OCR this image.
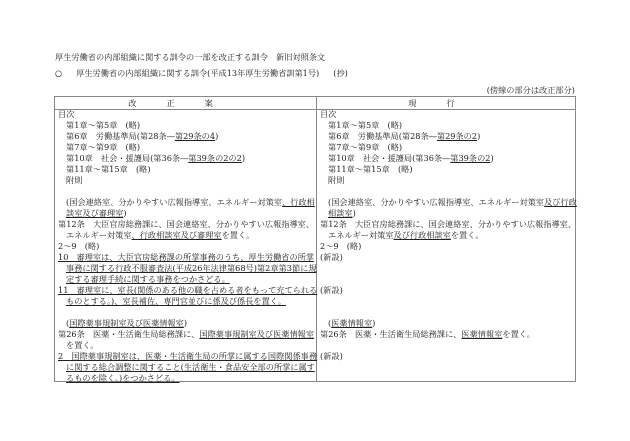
厚生労働省の内部組織に関する訓令の一部を改正する訓令　新旧対照条文
○ 厚生労働省の内部組織に関する訓令(平成13年厚生労働省訓第1号) (抄)
(傍線の部分は改正部分)
改正案	現行
目次
第1章～第5章　(略)
第6章　労働基準局(第28条―第29条の4)
第7章～第9章　(略)
第10章　社会・援護局(第36条―第39条の2の2)
第11章～第15章　(略)
附則
(国会連絡室、分かりやすい広報指導室、エネルギー対策室、行政相
談室及び審理室)
第12条　大臣官房総務課に、国会連絡室、分かりやすい広報指導室、
エネルギー対策室、行政相談室及び審理室を置く。
2～9　(略)
10　審理室は、大臣官房総務課の所掌事務のうち、厚生労働省の所掌
事務に関する行政不服審査法(平成26年法律第68号)第2章第3節に規
定する審理手続に関する事務をつかさどる。
11　審理室に、室長(関係のある他の職を占める者をもって充てられる
ものとする。)、室長補佐、専門官並びに係及び係長を置く。
(国際薬事規制室及び医薬情報室)
第26条　医薬・生活衛生局総務課に、国際薬事規制室及び医薬情報室
を置く。
2　国際薬事規制室は、医薬・生活衛生局の所掌に属する国際関係事務
に関する総合調整に関すること(生活衛生・食品安全部の所掌に属す
るものを除く。)をつかさどる。
目次
第1章～第5章　(略)
第6章　労働基準局(第28条―第29条の2)
第7章～第9章　(略)
第10章　社会・援護局(第36条―第39条の2)
第11章～第15章　(略)
附則
(国会連絡室、分かりやすい広報指導室、エネルギー対策室及び行政
相談室)
第12条　大臣官房総務課に、国会連絡室、分かりやすい広報指導室、
エネルギー対策室及び行政相談室を置く。
2～9　(略)
(新設)
(新設)
(医薬情報室)
第26条　医薬・生活衛生局総務課に、医薬情報室を置く。
(新設)
